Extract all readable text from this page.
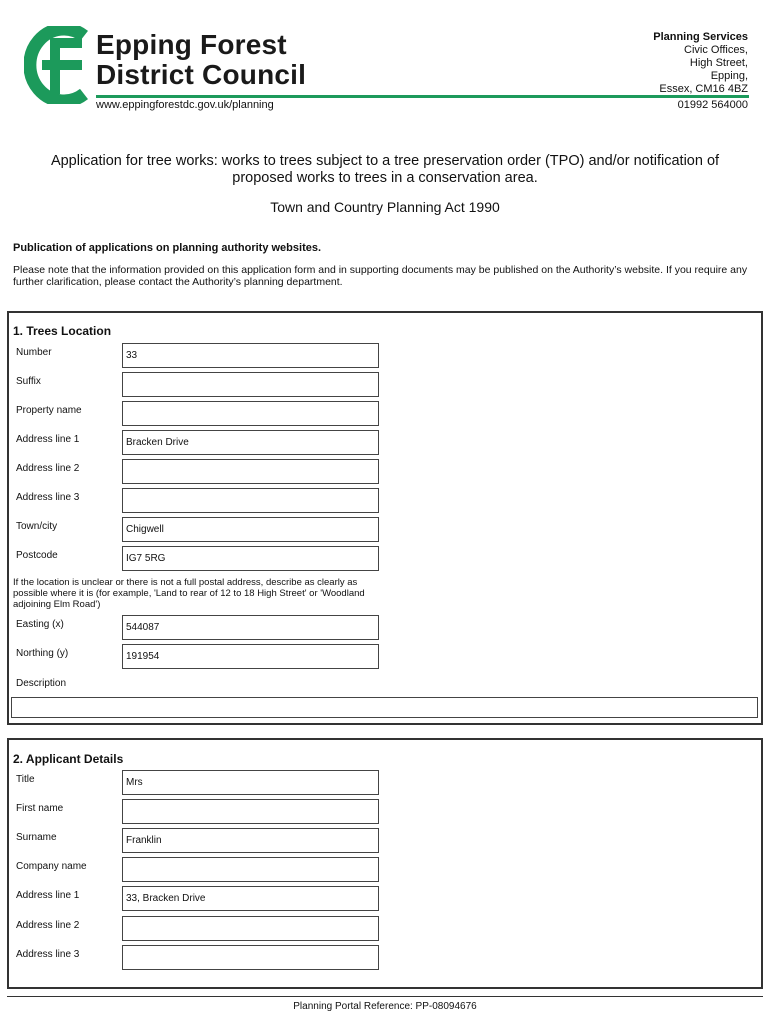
Epping Forest
District Council
www.eppingforestdc.gov.uk/planning
Planning Services
Civic Offices,
High Street,
Epping,
Essex, CM16 4BZ
01992 564000
Application for tree works: works to trees subject to a tree preservation order (TPO) and/or notification of proposed works to trees in a conservation area.
Town and Country Planning Act 1990
Publication of applications on planning authority websites.
Please note that the information provided on this application form and in supporting documents may be published on the Authority’s website. If you require any further clarification, please contact the Authority’s planning department.
1. Trees Location
Number	33
Suffix
Property name
Address line 1	Bracken Drive
Address line 2
Address line 3
Town/city	Chigwell
Postcode	IG7 5RG
If the location is unclear or there is not a full postal address, describe as clearly as possible where it is (for example, 'Land to rear of 12 to 18 High Street' or 'Woodland adjoining Elm Road')
Easting (x)	544087
Northing (y)	191954
Description
2. Applicant Details
Title	Mrs
First name
Surname	Franklin
Company name
Address line 1	33, Bracken Drive
Address line 2
Address line 3
Planning Portal Reference: PP-08094676
